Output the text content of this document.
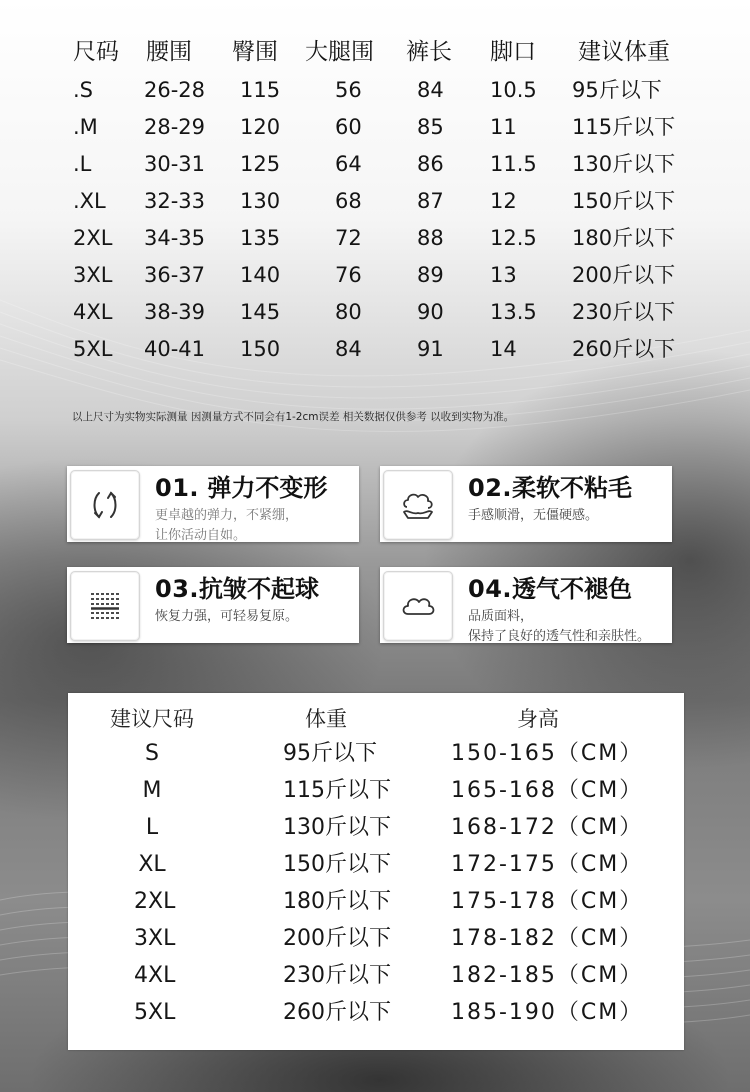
尺码 腰围 臀围 大腿围 裤长 脚口 建议体重
.S 26-28 115	56	84 10.5 95斤以下
.M 28-29 120	60	85 11	115斤以下
.L	30-31 125	64	86 11.5 130斤以下
.XL 32-33 130	68	87 12	150斤以下
2XL 34-35 135	72	88 12.5 180斤以下
3XL 36-37 140	76	89 13	200斤以下
4XL 38-39 145	80	90 13.5 230斤以下
5XL 40-41 150	84	91 14	260斤以下
以上尺寸为实物实际测量 因测量方式不同会有1-2cm误差 相关数据仅供参考 以收到实物为准。
01. 弹力不变形
更卓越的弹力，不紧绷，
让你活动自如。
02.柔软不粘毛
手感顺滑，无僵硬感。
03.抗皱不起球
恢复力强，可轻易复原。
04.透气不褪色
品质面料，
保持了良好的透气性和亲肤性。
建议尺码	体重	身高
S	95斤以下	150-165（CM）
M	115斤以下	165-168（CM）
L	130斤以下	168-172（CM）
XL	150斤以下	172-175（CM）
2XL	180斤以下	175-178（CM）
3XL	200斤以下	178-182（CM）
4XL	230斤以下	182-185（CM）
5XL	260斤以下	185-190（CM）
